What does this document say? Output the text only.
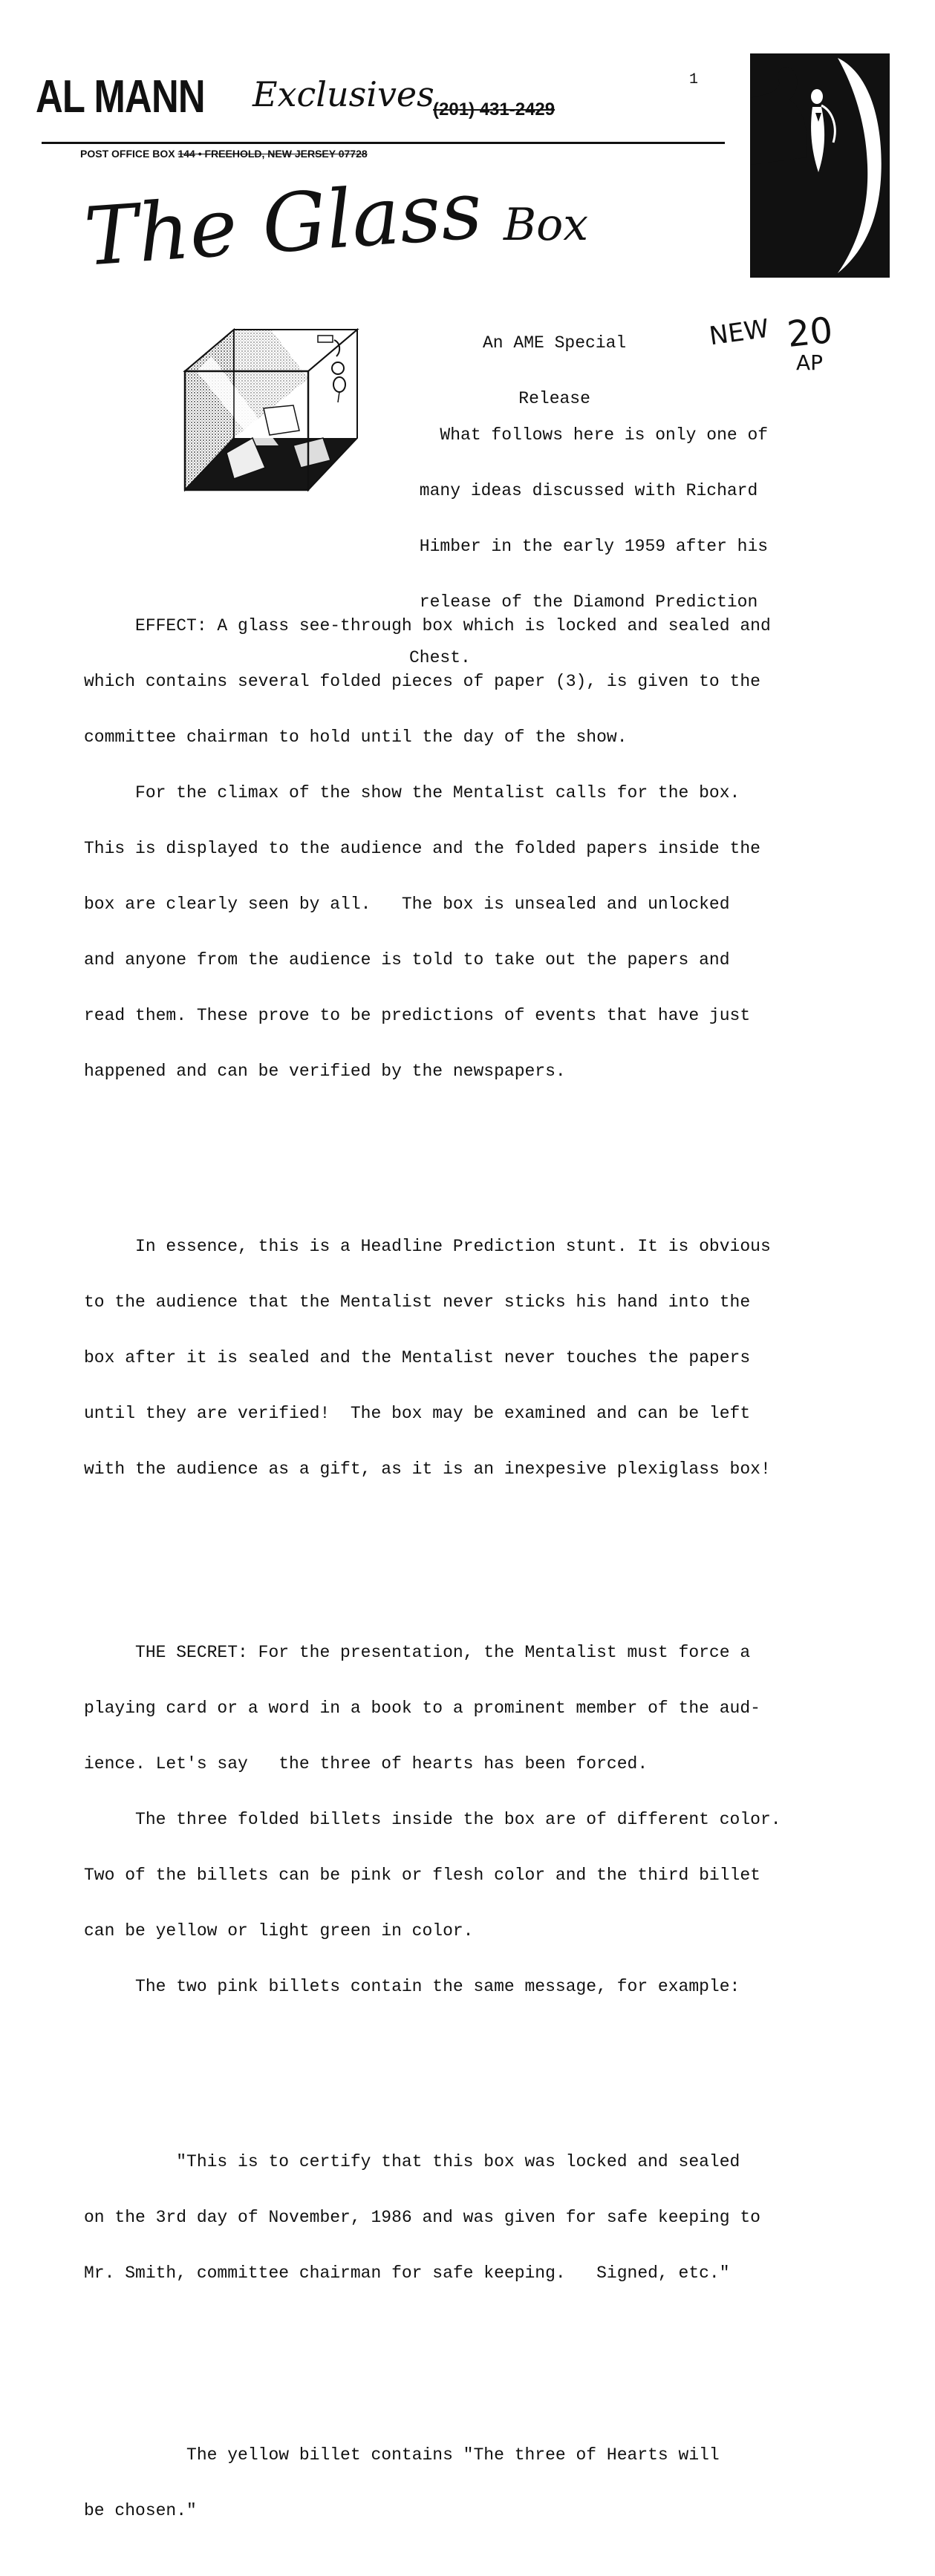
AL MANN Exclusives
(201) 431-2429
POST OFFICE BOX 144 • FREEHOLD, NEW JERSEY 07728
1
The Glass Box

An AME Special

Release

NEW 20
AP

What follows here is only one of

many ideas discussed with Richard

Himber in the early 1959 after his

release of the Diamond Prediction

Chest.

EFFECT: A glass see-through box which is locked and sealed and

which contains several folded pieces of paper (3), is given to the

committee chairman to hold until the day of the show.

For the climax of the show the Mentalist calls for the box.

This is displayed to the audience and the folded papers inside the

box are clearly seen by all.   The box is unsealed and unlocked

and anyone from the audience is told to take out the papers and

read them. These prove to be predictions of events that have just

happened and can be verified by the newspapers.

In essence, this is a Headline Prediction stunt. It is obvious

to the audience that the Mentalist never sticks his hand into the

box after it is sealed and the Mentalist never touches the papers

until they are verified!  The box may be examined and can be left

with the audience as a gift, as it is an inexpesive plexiglass box!

THE SECRET: For the presentation, the Mentalist must force a

playing card or a word in a book to a prominent member of the aud-

ience. Let's say   the three of hearts has been forced.

The three folded billets inside the box are of different color.

Two of the billets can be pink or flesh color and the third billet

can be yellow or light green in color.

The two pink billets contain the same message, for example:

"This is to certify that this box was locked and sealed

on the 3rd day of November, 1986 and was given for safe keeping to

Mr. Smith, committee chairman for safe keeping.   Signed, etc."

The yellow billet contains "The three of Hearts will

be chosen."
